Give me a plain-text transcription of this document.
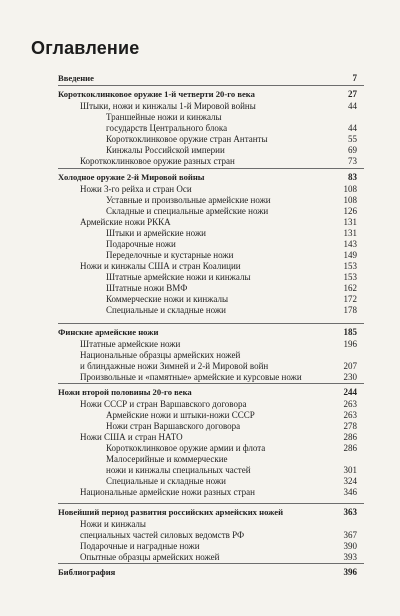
Оглавление
Введение	7
Короткоклинковое оружие 1-й четверти 20-го века	27
Штыки, ножи и кинжалы 1-й Мировой войны	44
Траншейные ножи и кинжалы
государств Центрального блока	44
Короткоклинковое оружие стран Антанты	55
Кинжалы Российской империи	69
Короткоклинковое оружие разных стран	73
Холодное оружие 2-й Мировой войны	83
Ножи 3-го рейха и стран Оси	108
Уставные и произвольные армейские ножи	108
Складные и специальные армейские ножи	126
Армейские ножи РККА	131
Штыки и армейские ножи	131
Подарочные ножи	143
Переделочные и кустарные ножи	149
Ножи и кинжалы США и стран Коалиции	153
Штатные армейские ножи и кинжалы	153
Штатные ножи ВМФ	162
Коммерческие ножи и кинжалы	172
Специальные и складные ножи	178
Финские армейские ножи	185
Штатные армейские ножи	196
Национальные образцы армейских ножей
и блиндажные ножи Зимней и 2-й Мировой войн	207
Произвольные и «памятные» армейские и курсовые ножи	230
Ножи второй половины 20-го века	244
Ножи СССР и стран Варшавского договора	263
Армейские ножи и штыки-ножи СССР	263
Ножи стран Варшавского договора	278
Ножи США и стран НАТО	286
Короткоклинковое оружие армии и флота	286
Малосерийные и коммерческие
ножи и кинжалы специальных частей	301
Специальные и складные ножи	324
Национальные армейские ножи разных стран	346
Новейший период развития российских армейских ножей	363
Ножи и кинжалы
специальных частей силовых ведомств РФ	367
Подарочные и наградные ножи	390
Опытные образцы армейских ножей	393
Библиография	396
